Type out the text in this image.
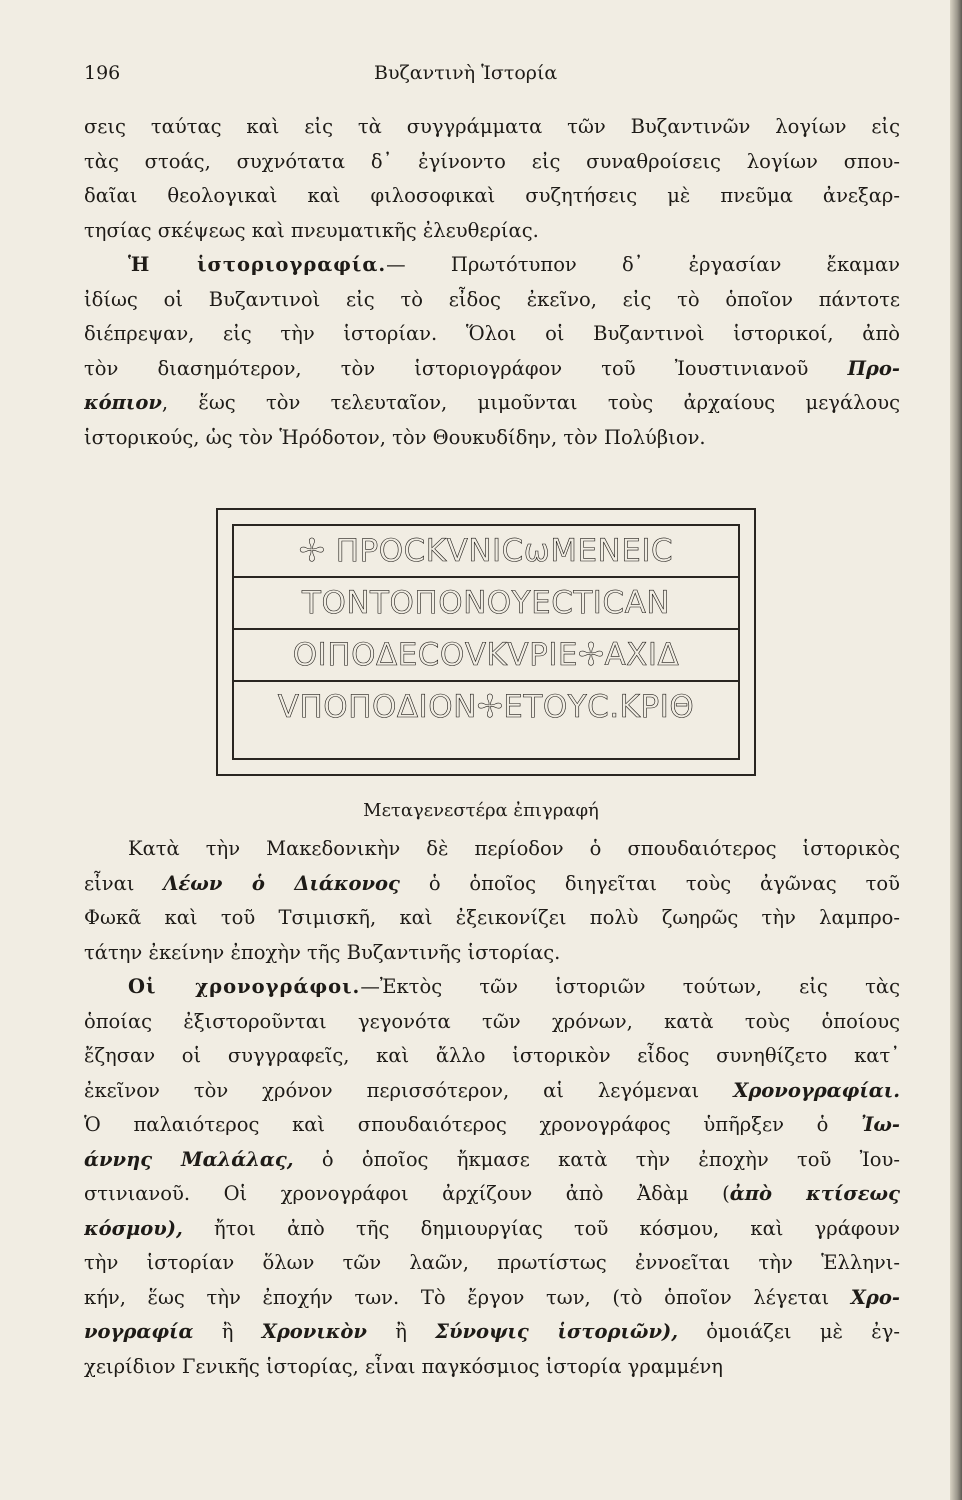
196	Βυζαντινὴ Ἱστορία
σεις ταύτας καὶ εἰς τὰ συγγράμματα τῶν Βυζαντινῶν λογίων εἰς
τὰς στοάς, συχνότατα δ᾽ ἐγίνοντο εἰς συναθροίσεις λογίων σπου-
δαῖαι θεολογικαὶ καὶ φιλοσοφικαὶ συζητήσεις μὲ πνεῦμα ἀνεξαρ-
τησίας σκέψεως καὶ πνευματικῆς ἐλευθερίας.
Ἡ ἱστοριογραφία.— Πρωτότυπον δ᾽ ἐργασίαν ἔκαμαν
ἰδίως οἱ Βυζαντινοὶ εἰς τὸ εἶδος ἐκεῖνο, εἰς τὸ ὁποῖον πάντοτε
διέπρεψαν, εἰς τὴν ἱστορίαν. Ὅλοι οἱ Βυζαντινοὶ ἱστορικοί, ἀπὸ
τὸν διασημότερον, τὸν ἱστοριογράφον τοῦ Ἰουστινιανοῦ Προ-
κόπιον, ἕως τὸν τελευταῖον, μιμοῦνται τοὺς ἀρχαίους μεγάλους
ἱστορικούς, ὡς τὸν Ἡρόδοτον, τὸν Θουκυδίδην, τὸν Πολύβιον.
✢ ΠΡΟCΚVΝΙCωΜΕΝΕΙC
ΤΟΝΤΟΠΟΝΟΥΕCΤΙCΑΝ
ΟΙΠΟΔΕCΟVΚVΡΙΕ✢ΑΧΙΔ
VΠΟΠΟΔΙΟΝ✢ΕΤΟΥC.ΚΡΙΘ
Μεταγενεστέρα ἐπιγραφή
Κατὰ τὴν Μακεδονικὴν δὲ περίοδον ὁ σπουδαιότερος ἱστορικὸς
εἶναι Λέων ὁ Διάκονος ὁ ὁποῖος διηγεῖται τοὺς ἀγῶνας τοῦ
Φωκᾶ καὶ τοῦ Τσιμισκῆ, καὶ ἐξεικονίζει πολὺ ζωηρῶς τὴν λαμπρο-
τάτην ἐκείνην ἐποχὴν τῆς Βυζαντινῆς ἱστορίας.
Οἱ χρονογράφοι.—Ἐκτὸς τῶν ἱστοριῶν τούτων, εἰς τὰς
ὁποίας ἐξιστοροῦνται γεγονότα τῶν χρόνων, κατὰ τοὺς ὁποίους
ἔζησαν οἱ συγγραφεῖς, καὶ ἄλλο ἱστορικὸν εἶδος συνηθίζετο κατ᾽
ἐκεῖνον τὸν χρόνον περισσότερον, αἱ λεγόμεναι Χρονογραφίαι.
Ὁ παλαιότερος καὶ σπουδαιότερος χρονογράφος ὑπῆρξεν ὁ Ἰω-
άννης Μαλάλας, ὁ ὁποῖος ἤκμασε κατὰ τὴν ἐποχὴν τοῦ Ἰου-
στινιανοῦ. Οἱ χρονογράφοι ἀρχίζουν ἀπὸ Ἀδὰμ (ἀπὸ κτίσεως
κόσμου), ἤτοι ἀπὸ τῆς δημιουργίας τοῦ κόσμου, καὶ γράφουν
τὴν ἱστορίαν ὅλων τῶν λαῶν, πρωτίστως ἐννοεῖται τὴν Ἑλληνι-
κήν, ἕως τὴν ἐποχήν των. Τὸ ἔργον των, (τὸ ὁποῖον λέγεται Χρο-
νογραφία ἢ Χρονικὸν ἢ Σύνοψις ἱστοριῶν), ὁμοιάζει μὲ ἐγ-
χειρίδιον Γενικῆς ἱστορίας, εἶναι παγκόσμιος ἱστορία γραμμένη
